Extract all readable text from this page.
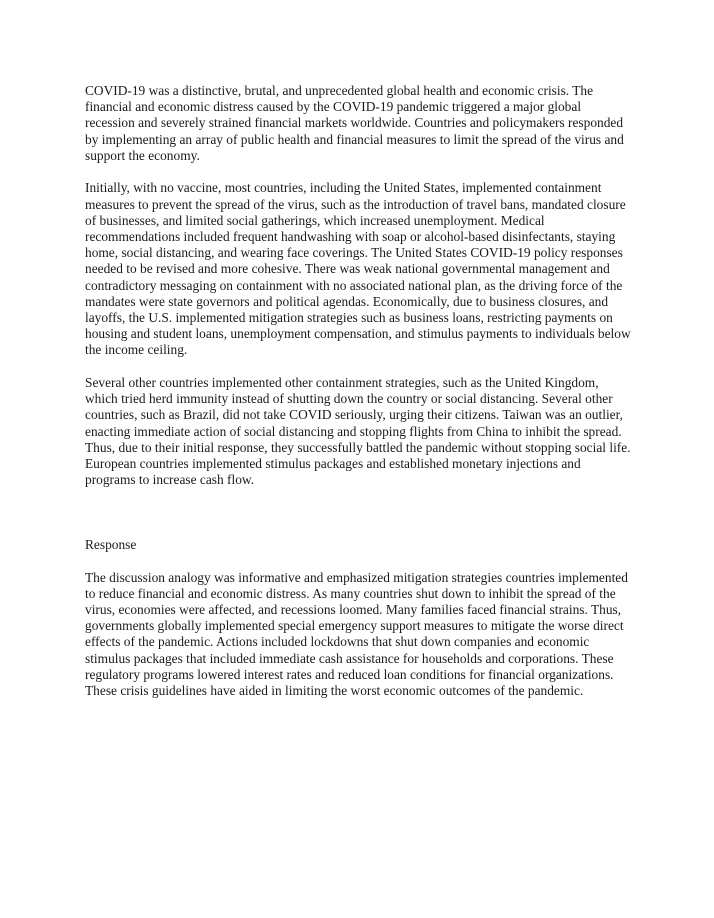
COVID-19 was a distinctive, brutal, and unprecedented global health and economic crisis. The financial and economic distress caused by the COVID-19 pandemic triggered a major global recession and severely strained financial markets worldwide. Countries and policymakers responded by implementing an array of public health and financial measures to limit the spread of the virus and support the economy.

Initially, with no vaccine, most countries, including the United States, implemented containment measures to prevent the spread of the virus, such as the introduction of travel bans, mandated closure of businesses, and limited social gatherings, which increased unemployment. Medical recommendations included frequent handwashing with soap or alcohol-based disinfectants, staying home, social distancing, and wearing face coverings. The United States COVID-19 policy responses needed to be revised and more cohesive. There was weak national governmental management and contradictory messaging on containment with no associated national plan, as the driving force of the mandates were state governors and political agendas. Economically, due to business closures, and layoffs, the U.S. implemented mitigation strategies such as business loans, restricting payments on housing and student loans, unemployment compensation, and stimulus payments to individuals below the income ceiling.

Several other countries implemented other containment strategies, such as the United Kingdom, which tried herd immunity instead of shutting down the country or social distancing. Several other countries, such as Brazil, did not take COVID seriously, urging their citizens. Taiwan was an outlier, enacting immediate action of social distancing and stopping flights from China to inhibit the spread. Thus, due to their initial response, they successfully battled the pandemic without stopping social life. European countries implemented stimulus packages and established monetary injections and programs to increase cash flow.

Response

The discussion analogy was informative and emphasized mitigation strategies countries implemented to reduce financial and economic distress. As many countries shut down to inhibit the spread of the virus, economies were affected, and recessions loomed. Many families faced financial strains. Thus, governments globally implemented special emergency support measures to mitigate the worse direct effects of the pandemic. Actions included lockdowns that shut down companies and economic stimulus packages that included immediate cash assistance for households and corporations. These regulatory programs lowered interest rates and reduced loan conditions for financial organizations. These crisis guidelines have aided in limiting the worst economic outcomes of the pandemic.
